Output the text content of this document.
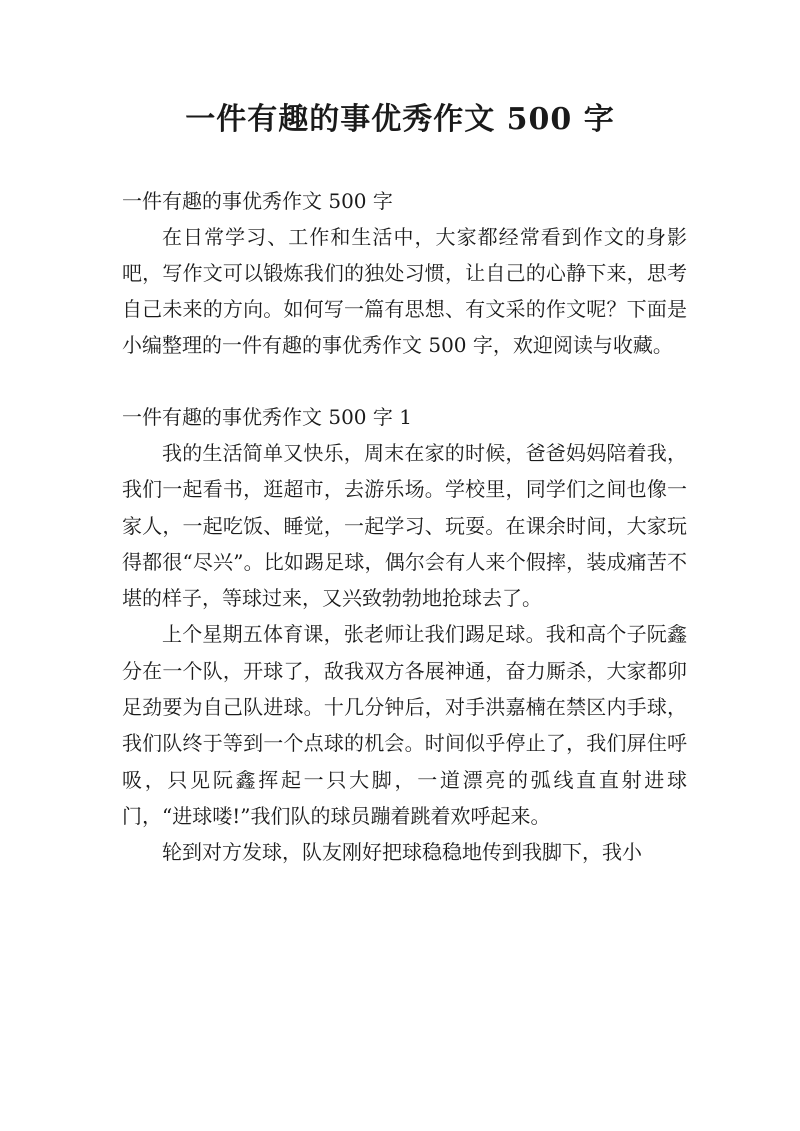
一件有趣的事优秀作文 500 字

一件有趣的事优秀作文 500 字

在日常学习、工作和生活中，大家都经常看到作文的身影吧，写作文可以锻炼我们的独处习惯，让自己的心静下来，思考自己未来的方向。如何写一篇有思想、有文采的作文呢？下面是小编整理的一件有趣的事优秀作文 500 字，欢迎阅读与收藏。

一件有趣的事优秀作文 500 字 1

我的生活简单又快乐，周末在家的时候，爸爸妈妈陪着我，我们一起看书，逛超市，去游乐场。学校里，同学们之间也像一家人，一起吃饭、睡觉，一起学习、玩耍。在课余时间，大家玩得都很“尽兴”。比如踢足球，偶尔会有人来个假摔，装成痛苦不堪的样子，等球过来，又兴致勃勃地抢球去了。

上个星期五体育课，张老师让我们踢足球。我和高个子阮鑫分在一个队，开球了，敌我双方各展神通，奋力厮杀，大家都卯足劲要为自己队进球。十几分钟后，对手洪嘉楠在禁区内手球，我们队终于等到一个点球的机会。时间似乎停止了，我们屏住呼吸，只见阮鑫挥起一只大脚，一道漂亮的弧线直直射进球门，“进球喽!”我们队的球员蹦着跳着欢呼起来。

轮到对方发球，队友刚好把球稳稳地传到我脚下，我小
